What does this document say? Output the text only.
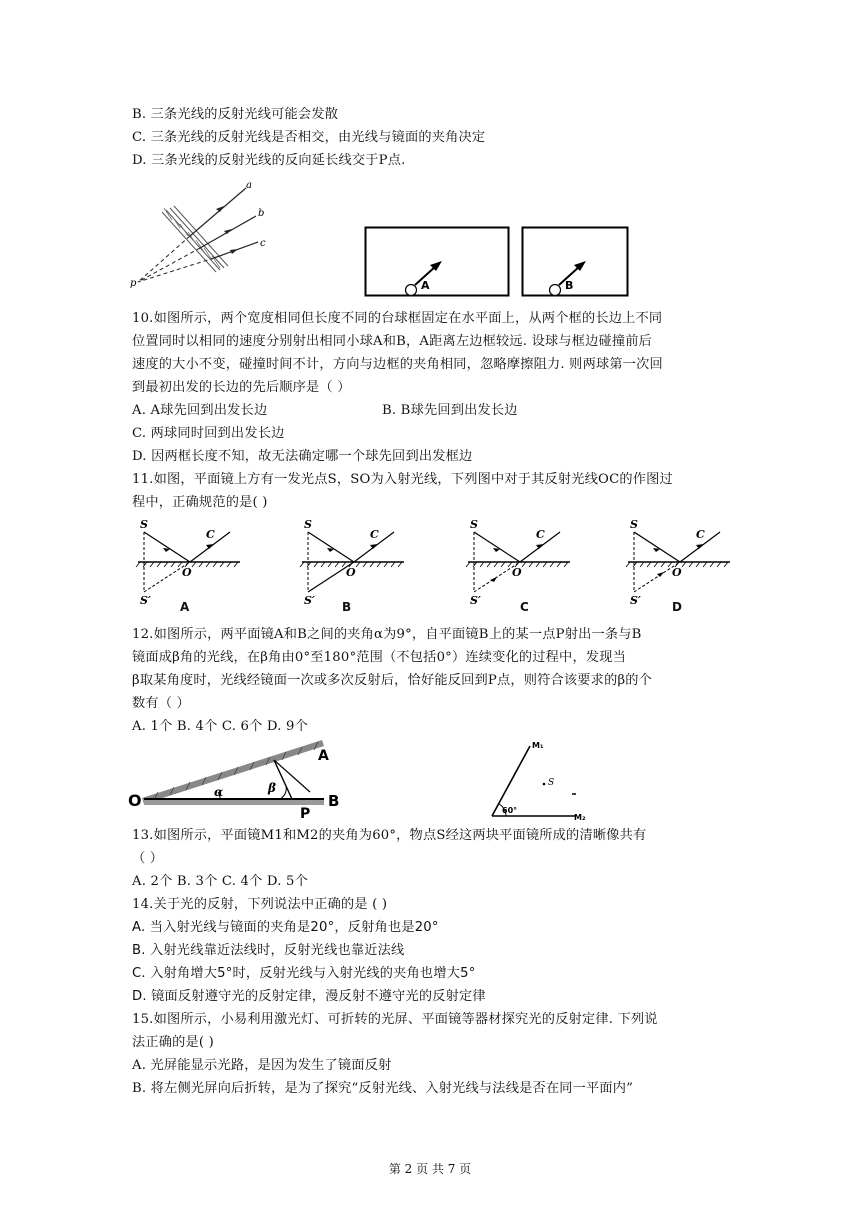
B. 三条光线的反射光线可能会发散
C. 三条光线的反射光线是否相交，由光线与镜面的夹角决定
D. 三条光线的反射光线的反向延长线交于P点.
a
b
c
p	A	B
10.如图所示，两个宽度相同但长度不同的台球框固定在水平面上，从两个框的长边上不同
位置同时以相同的速度分别射出相同小球A和B，A距离左边框较远. 设球与框边碰撞前后
速度的大小不变，碰撞时间不计，方向与边框的夹角相同，忽略摩擦阻力. 则两球第一次回
到最初出发的长边的先后顺序是（ ）
A. A球先回到出发长边	B. B球先回到出发长边
C. 两球同时回到出发长边
D. 因两框长度不知，故无法确定哪一个球先回到出发框边
11.如图，平面镜上方有一发光点S，SO为入射光线，下列图中对于其反射光线OC的作图过
程中，正确规范的是( )
S
C
O
S′
S
C
O
S′
S
C
O
S′
S
C
O
S′
A	B	C	D
12.如图所示，两平面镜A和B之间的夹角α为9°，自平面镜B上的某一点P射出一条与B
镜面成β角的光线，在β角由0°至180°范围（不包括0°）连续变化的过程中，发现当
β取某角度时，光线经镜面一次或多次反射后，恰好能反回到P点，则符合该要求的β的个
数有（ ）
A. 1个 B. 4个 C. 6个 D. 9个
O
A
B
P
α	β
M₁
M₂
S
60°
13.如图所示，平面镜M1和M2的夹角为60°，物点S经这两块平面镜所成的清晰像共有
（ ）
A. 2个 B. 3个 C. 4个 D. 5个
14.关于光的反射，下列说法中正确的是 ( )
A. 当入射光线与镜面的夹角是20°，反射角也是20°
B. 入射光线靠近法线时，反射光线也靠近法线
C. 入射角增大5°时，反射光线与入射光线的夹角也增大5°
D. 镜面反射遵守光的反射定律，漫反射不遵守光的反射定律
15.如图所示，小易利用激光灯、可折转的光屏、平面镜等器材探究光的反射定律. 下列说
法正确的是( )
A. 光屏能显示光路，是因为发生了镜面反射
B. 将左侧光屏向后折转，是为了探究“反射光线、入射光线与法线是否在同一平面内”
第 2 页 共 7 页
